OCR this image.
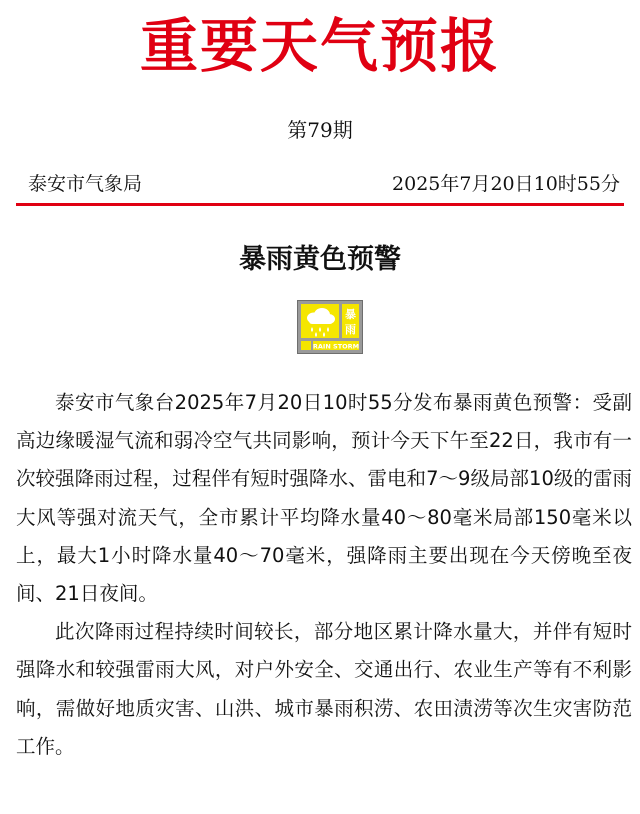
重要天气预报
第79期
泰安市气象局	2025年7月20日10时55分
暴雨黄色预警
暴
雨
RAIN STORM

泰安市气象台2025年7月20日10时55分发布暴雨黄色预警：受副高边缘暖湿气流和弱冷空气共同影响，预计今天下午至22日，我市有一次较强降雨过程，过程伴有短时强降水、雷电和7～9级局部10级的雷雨大风等强对流天气，全市累计平均降水量40～80毫米局部150毫米以上，最大1小时降水量40～70毫米，强降雨主要出现在今天傍晚至夜间、21日夜间。

此次降雨过程持续时间较长，部分地区累计降水量大，并伴有短时强降水和较强雷雨大风，对户外安全、交通出行、农业生产等有不利影响，需做好地质灾害、山洪、城市暴雨积涝、农田渍涝等次生灾害防范工作。
